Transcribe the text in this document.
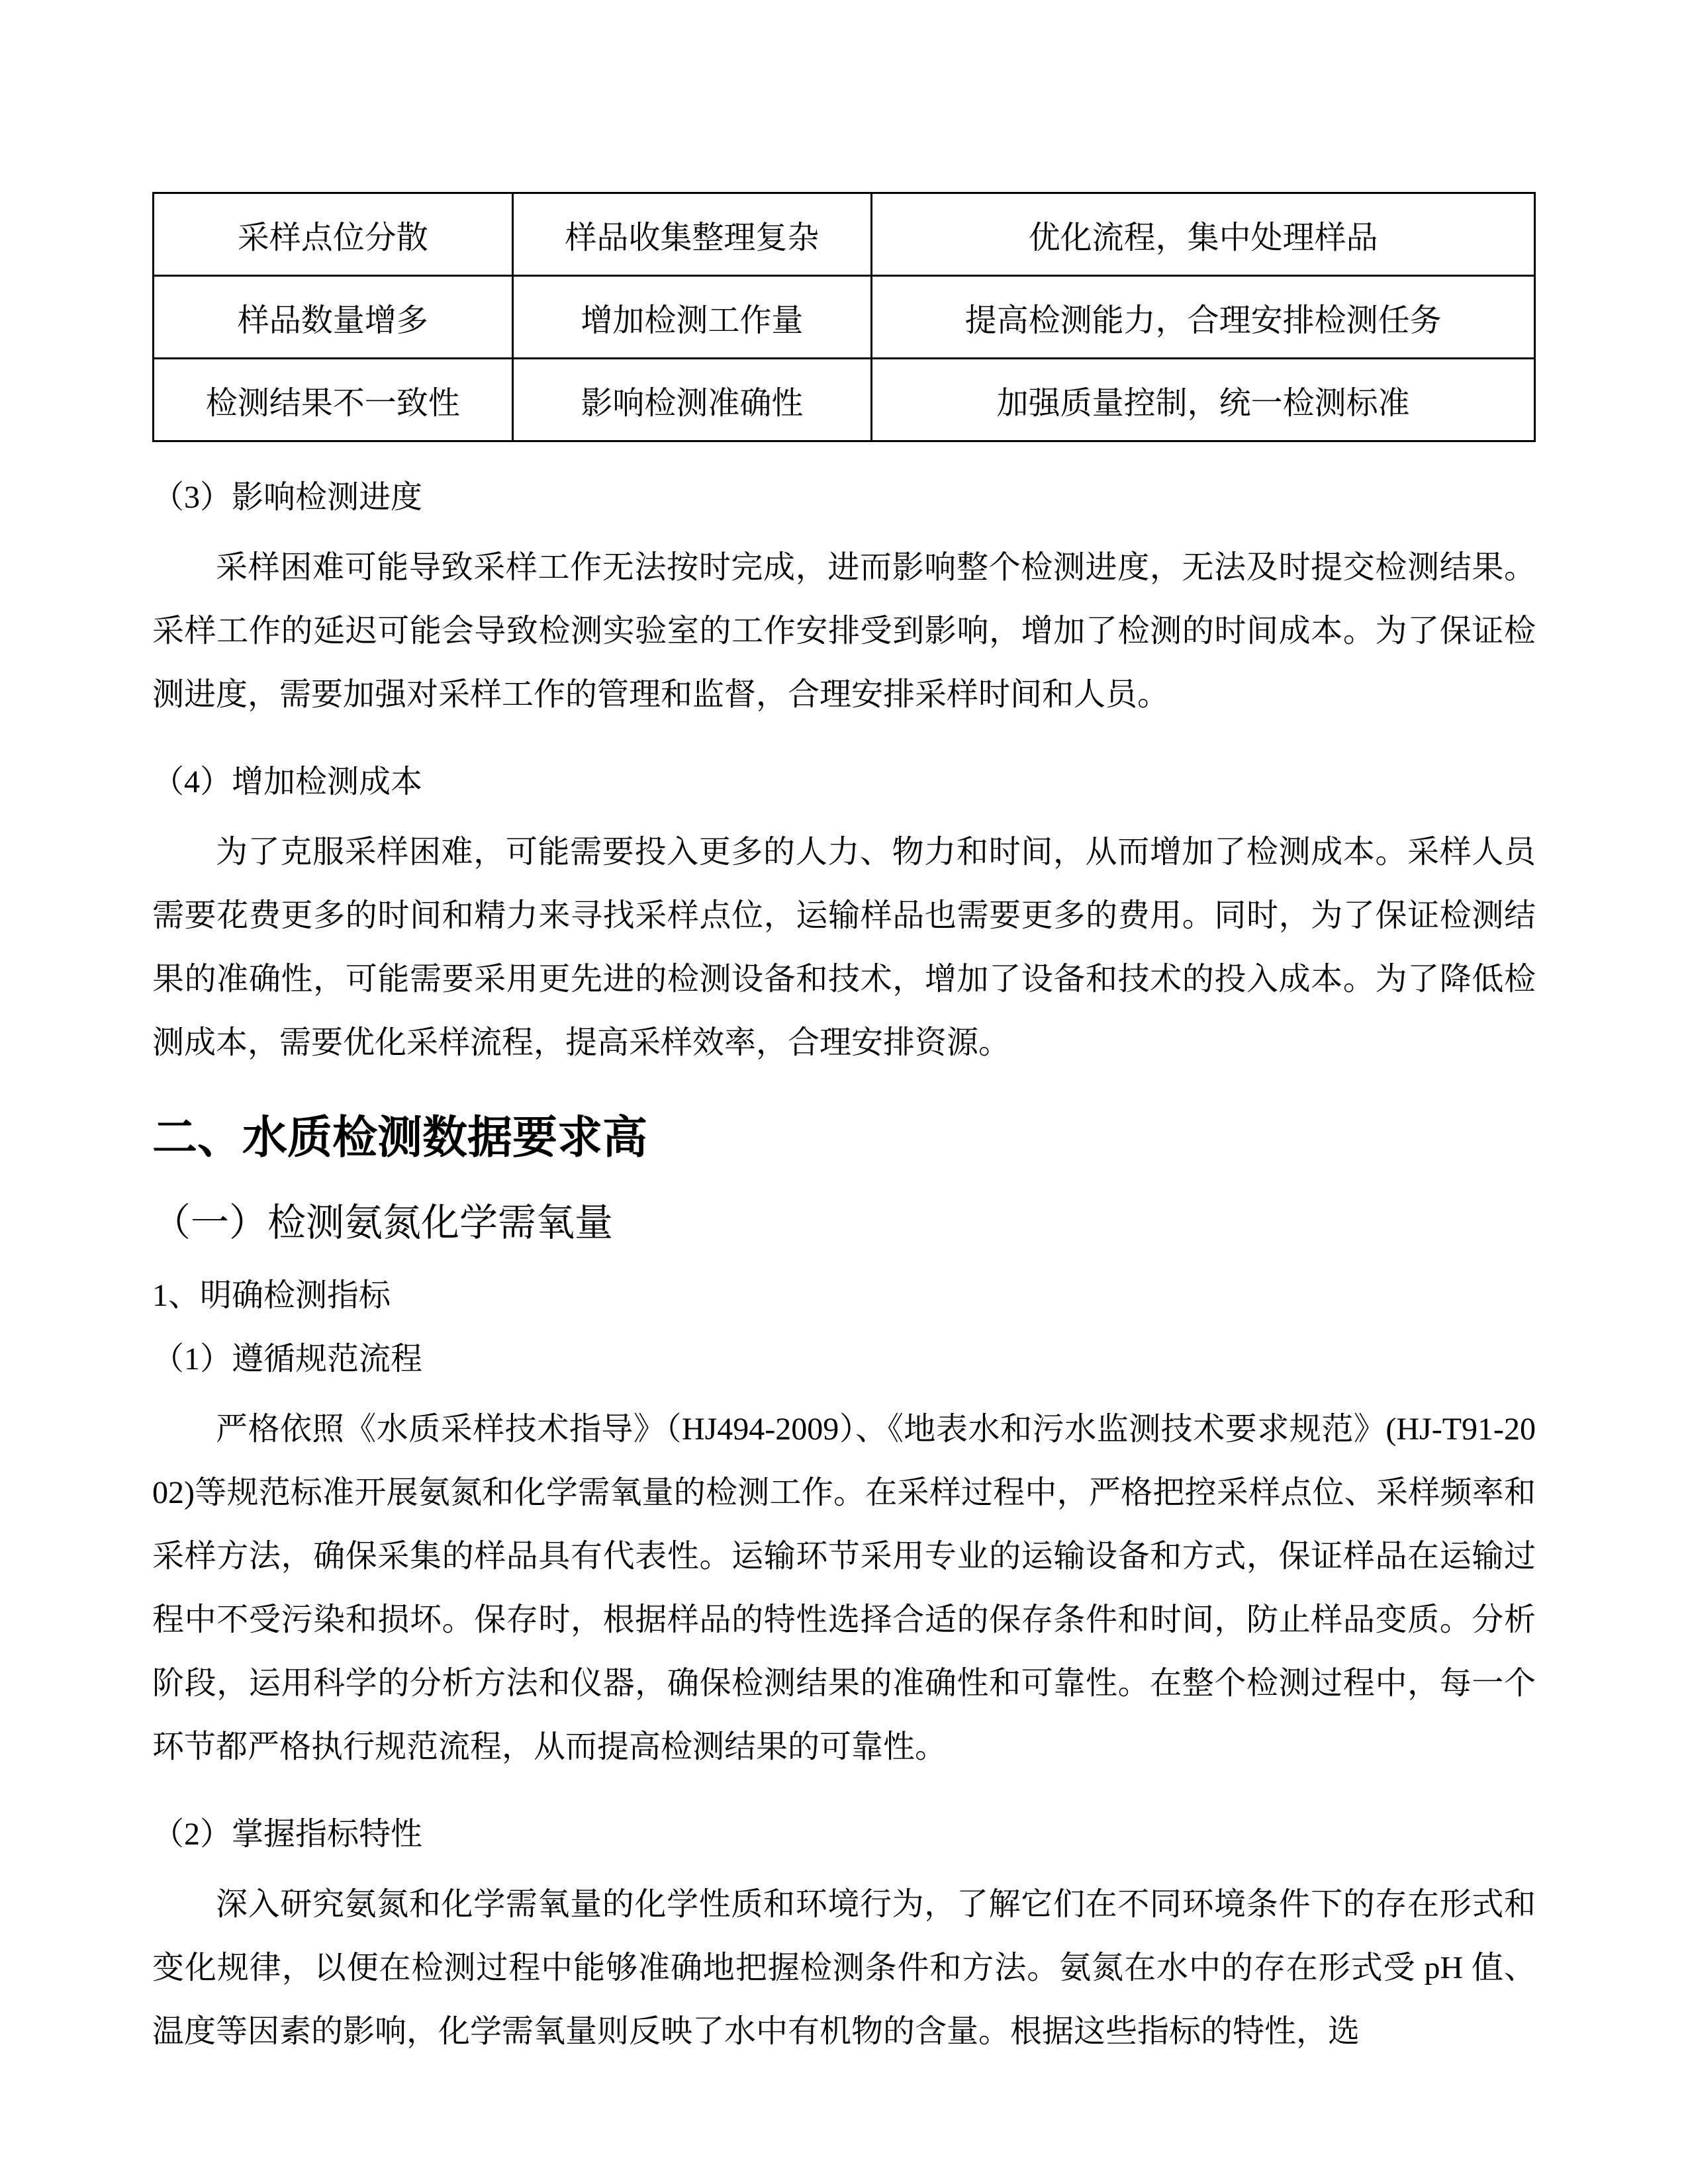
采样点位分散	样品收集整理复杂	优化流程，集中处理样品
样品数量增多	增加检测工作量	提高检测能力，合理安排检测任务
检测结果不一致性	影响检测准确性	加强质量控制，统一检测标准

（3）影响检测进度

采样困难可能导致采样工作无法按时完成，进而影响整个检测进度，无法及时提交检测结果。采样工作的延迟可能会导致检测实验室的工作安排受到影响，增加了检测的时间成本。为了保证检测进度，需要加强对采样工作的管理和监督，合理安排采样时间和人员。

（4）增加检测成本

为了克服采样困难，可能需要投入更多的人力、物力和时间，从而增加了检测成本。采样人员需要花费更多的时间和精力来寻找采样点位，运输样品也需要更多的费用。同时，为了保证检测结果的准确性，可能需要采用更先进的检测设备和技术，增加了设备和技术的投入成本。为了降低检测成本，需要优化采样流程，提高采样效率，合理安排资源。

二、水质检测数据要求高
（一）检测氨氮化学需氧量

1、明确检测指标

（1）遵循规范流程

严格依照《水质采样技术指导》（HJ494-2009）、《地表水和污水监测技术要求规范》(HJ-T91-2002)等规范标准开展氨氮和化学需氧量的检测工作。在采样过程中，严格把控采样点位、采样频率和采样方法，确保采集的样品具有代表性。运输环节采用专业的运输设备和方式，保证样品在运输过程中不受污染和损坏。保存时，根据样品的特性选择合适的保存条件和时间，防止样品变质。分析阶段，运用科学的分析方法和仪器，确保检测结果的准确性和可靠性。在整个检测过程中，每一个环节都严格执行规范流程，从而提高检测结果的可靠性。

（2）掌握指标特性

深入研究氨氮和化学需氧量的化学性质和环境行为，了解它们在不同环境条件下的存在形式和变化规律，以便在检测过程中能够准确地把握检测条件和方法。氨氮在水中的存在形式受 pH 值、温度等因素的影响，化学需氧量则反映了水中有机物的含量。根据这些指标的特性，选
